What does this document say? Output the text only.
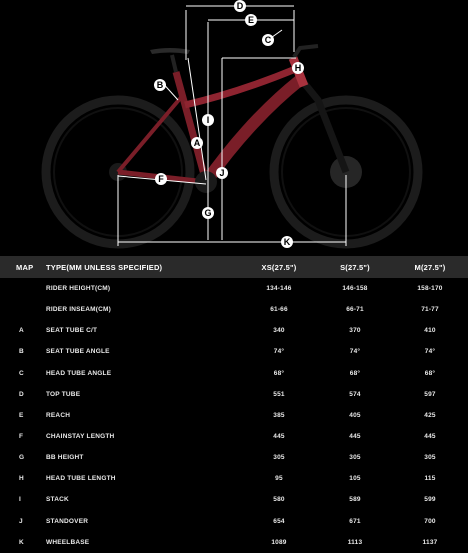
D
E
C
H
B
I
A
J
F
G
K
MAP	TYPE(MM UNLESS SPECIFIED)	XS(27.5")	S(27.5")	M(27.5")
	RIDER HEIGHT(CM)	134-146	146-158	158-170
	RIDER INSEAM(CM)	61-66	66-71	71-77
A	SEAT TUBE C/T	340	370	410
B	SEAT TUBE ANGLE	74°	74°	74°
C	HEAD TUBE ANGLE	68°	68°	68°
D	TOP TUBE	551	574	597
E	REACH	385	405	425
F	CHAINSTAY LENGTH	445	445	445
G	BB HEIGHT	305	305	305
H	HEAD TUBE LENGTH	95	105	115
I	STACK	580	589	599
J	STANDOVER	654	671	700
K	WHEELBASE	1089	1113	1137
